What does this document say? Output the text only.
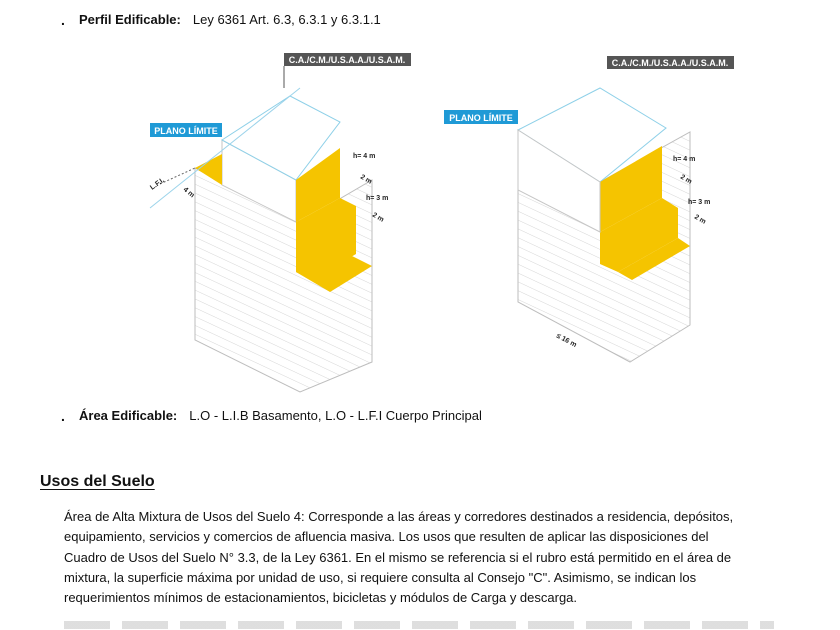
. Perfil Edificable: Ley 6361 Art. 6.3, 6.3.1 y 6.3.1.1
C.A./C.M./U.S.A.A./U.S.A.M.
PLANO LÍMITE
h= 4 m
2 m
h= 3 m
2 m
L.F.I.
4 m
C.A./C.M./U.S.A.A./U.S.A.M.
PLANO LÍMITE
h= 4 m
2 m
h= 3 m
2 m
≤ 16 m
. Área Edificable: L.O - L.I.B Basamento, L.O - L.F.I Cuerpo Principal
Usos del Suelo
Área de Alta Mixtura de Usos del Suelo 4: Corresponde a las áreas y corredores destinados a residencia, depósitos,
equipamiento, servicios y comercios de afluencia masiva. Los usos que resulten de aplicar las disposiciones del
Cuadro de Usos del Suelo N° 3.3, de la Ley 6361. En el mismo se referencia si el rubro está permitido en el área de
mixtura, la superficie máxima por unidad de uso, si requiere consulta al Consejo "C". Asimismo, se indican los
requerimientos mínimos de estacionamientos, bicicletas y módulos de Carga y descarga.
